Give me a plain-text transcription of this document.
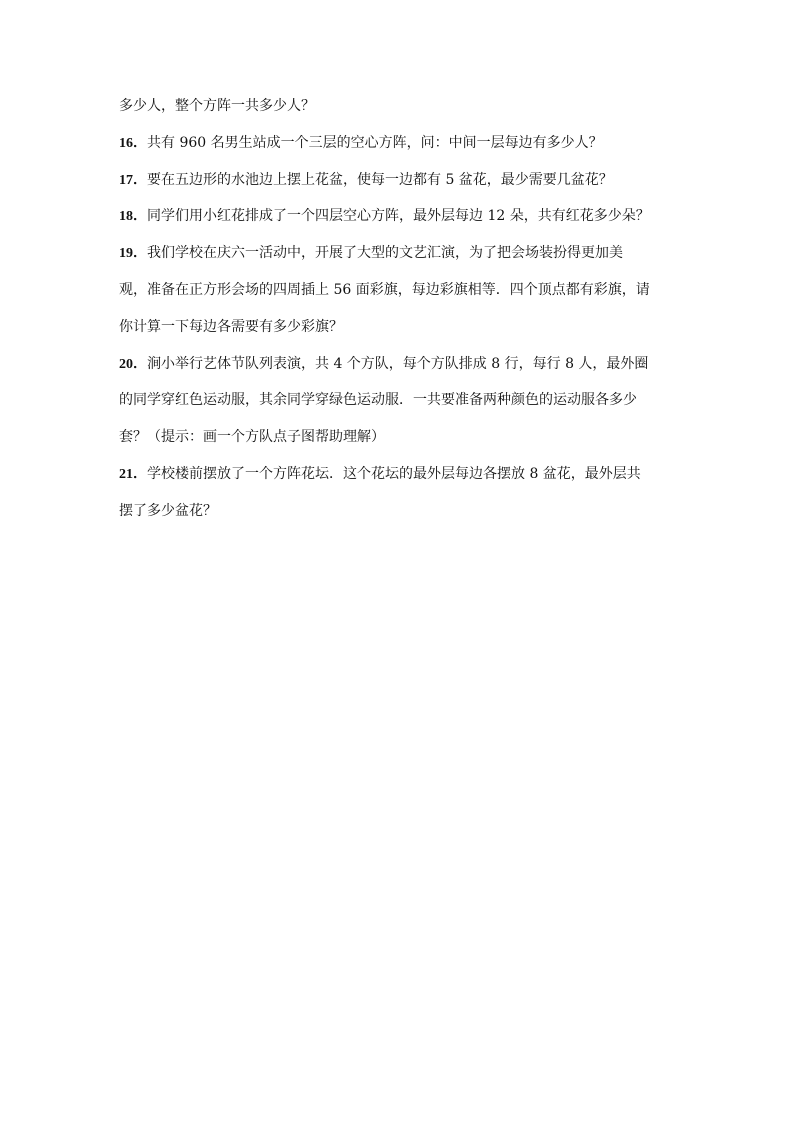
多少人，整个方阵一共多少人？
16．共有 960 名男生站成一个三层的空心方阵，问：中间一层每边有多少人？
17．要在五边形的水池边上摆上花盆，使每一边都有 5 盆花，最少需要几盆花？
18．同学们用小红花排成了一个四层空心方阵，最外层每边 12 朵，共有红花多少朵？
19．我们学校在庆六一活动中，开展了大型的文艺汇演，为了把会场装扮得更加美
观，准备在正方形会场的四周插上 56 面彩旗，每边彩旗相等．四个顶点都有彩旗，请
你计算一下每边各需要有多少彩旗？
20．涧小举行艺体节队列表演，共 4 个方队，每个方队排成 8 行，每行 8 人，最外圈
的同学穿红色运动服，其余同学穿绿色运动服．一共要准备两种颜色的运动服各多少
套？（提示：画一个方队点子图帮助理解）
21．学校楼前摆放了一个方阵花坛．这个花坛的最外层每边各摆放 8 盆花，最外层共
摆了多少盆花？
